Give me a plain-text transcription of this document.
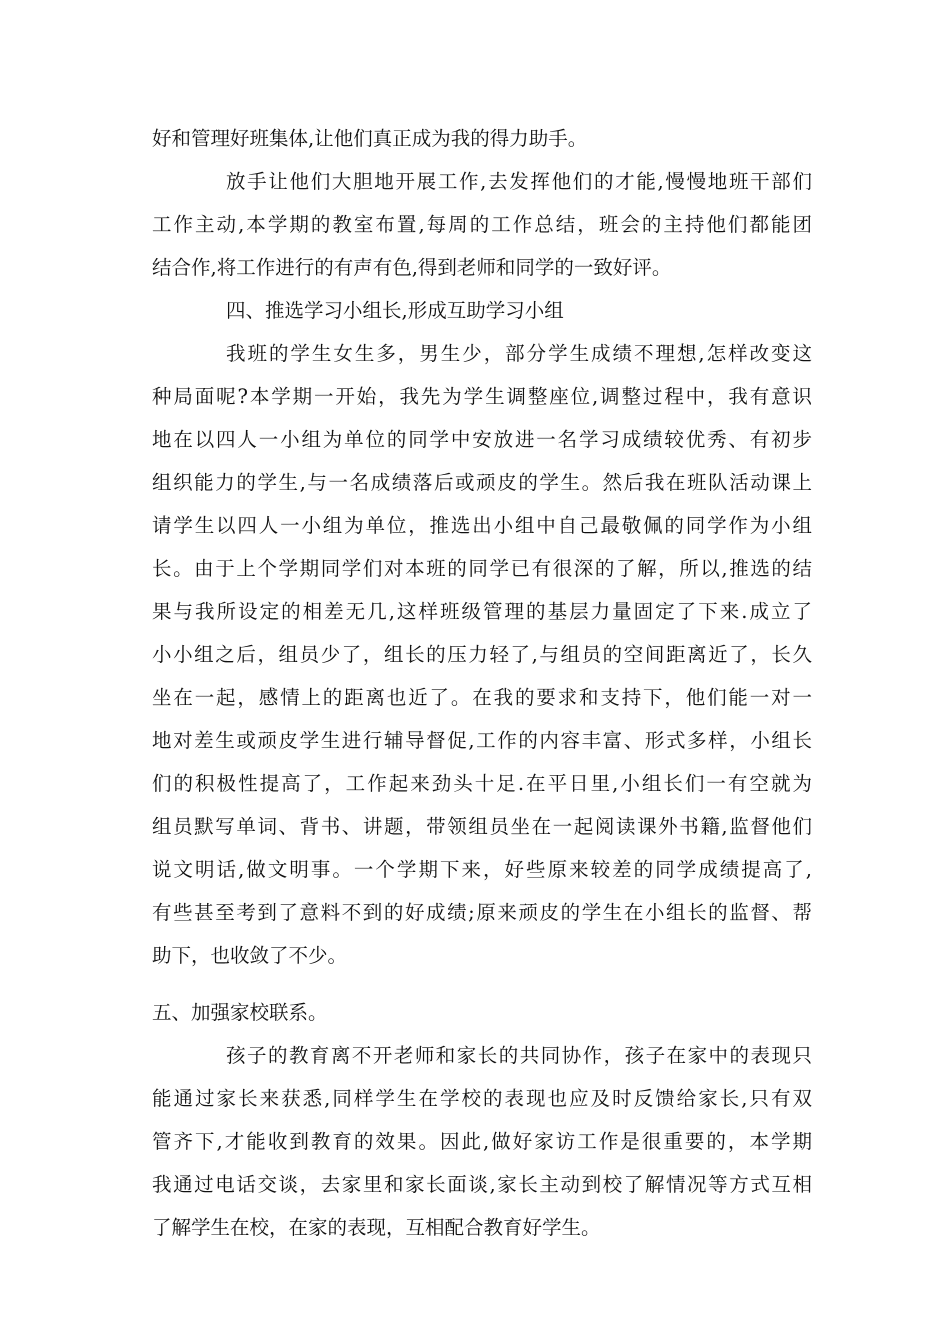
好和管理好班集体,让他们真正成为我的得力助手。
放手让他们大胆地开展工作,去发挥他们的才能,慢慢地班干部们
工作主动,本学期的教室布置,每周的工作总结，班会的主持他们都能团
结合作,将工作进行的有声有色,得到老师和同学的一致好评。
四、推选学习小组长,形成互助学习小组
我班的学生女生多，男生少，部分学生成绩不理想,怎样改变这
种局面呢?本学期一开始，我先为学生调整座位,调整过程中，我有意识
地在以四人一小组为单位的同学中安放进一名学习成绩较优秀、有初步
组织能力的学生,与一名成绩落后或顽皮的学生。然后我在班队活动课上
请学生以四人一小组为单位，推选出小组中自己最敬佩的同学作为小组
长。由于上个学期同学们对本班的同学已有很深的了解，所以,推选的结
果与我所设定的相差无几,这样班级管理的基层力量固定了下来.成立了
小小组之后，组员少了，组长的压力轻了,与组员的空间距离近了，长久
坐在一起，感情上的距离也近了。在我的要求和支持下，他们能一对一
地对差生或顽皮学生进行辅导督促,工作的内容丰富、形式多样，小组长
们的积极性提高了，工作起来劲头十足.在平日里,小组长们一有空就为
组员默写单词、背书、讲题，带领组员坐在一起阅读课外书籍,监督他们
说文明话,做文明事。一个学期下来，好些原来较差的同学成绩提高了,
有些甚至考到了意料不到的好成绩;原来顽皮的学生在小组长的监督、帮
助下，也收敛了不少。
五、加强家校联系。
孩子的教育离不开老师和家长的共同协作，孩子在家中的表现只
能通过家长来获悉,同样学生在学校的表现也应及时反馈给家长,只有双
管齐下,才能收到教育的效果。因此,做好家访工作是很重要的，本学期
我通过电话交谈，去家里和家长面谈,家长主动到校了解情况等方式互相
了解学生在校，在家的表现，互相配合教育好学生。
